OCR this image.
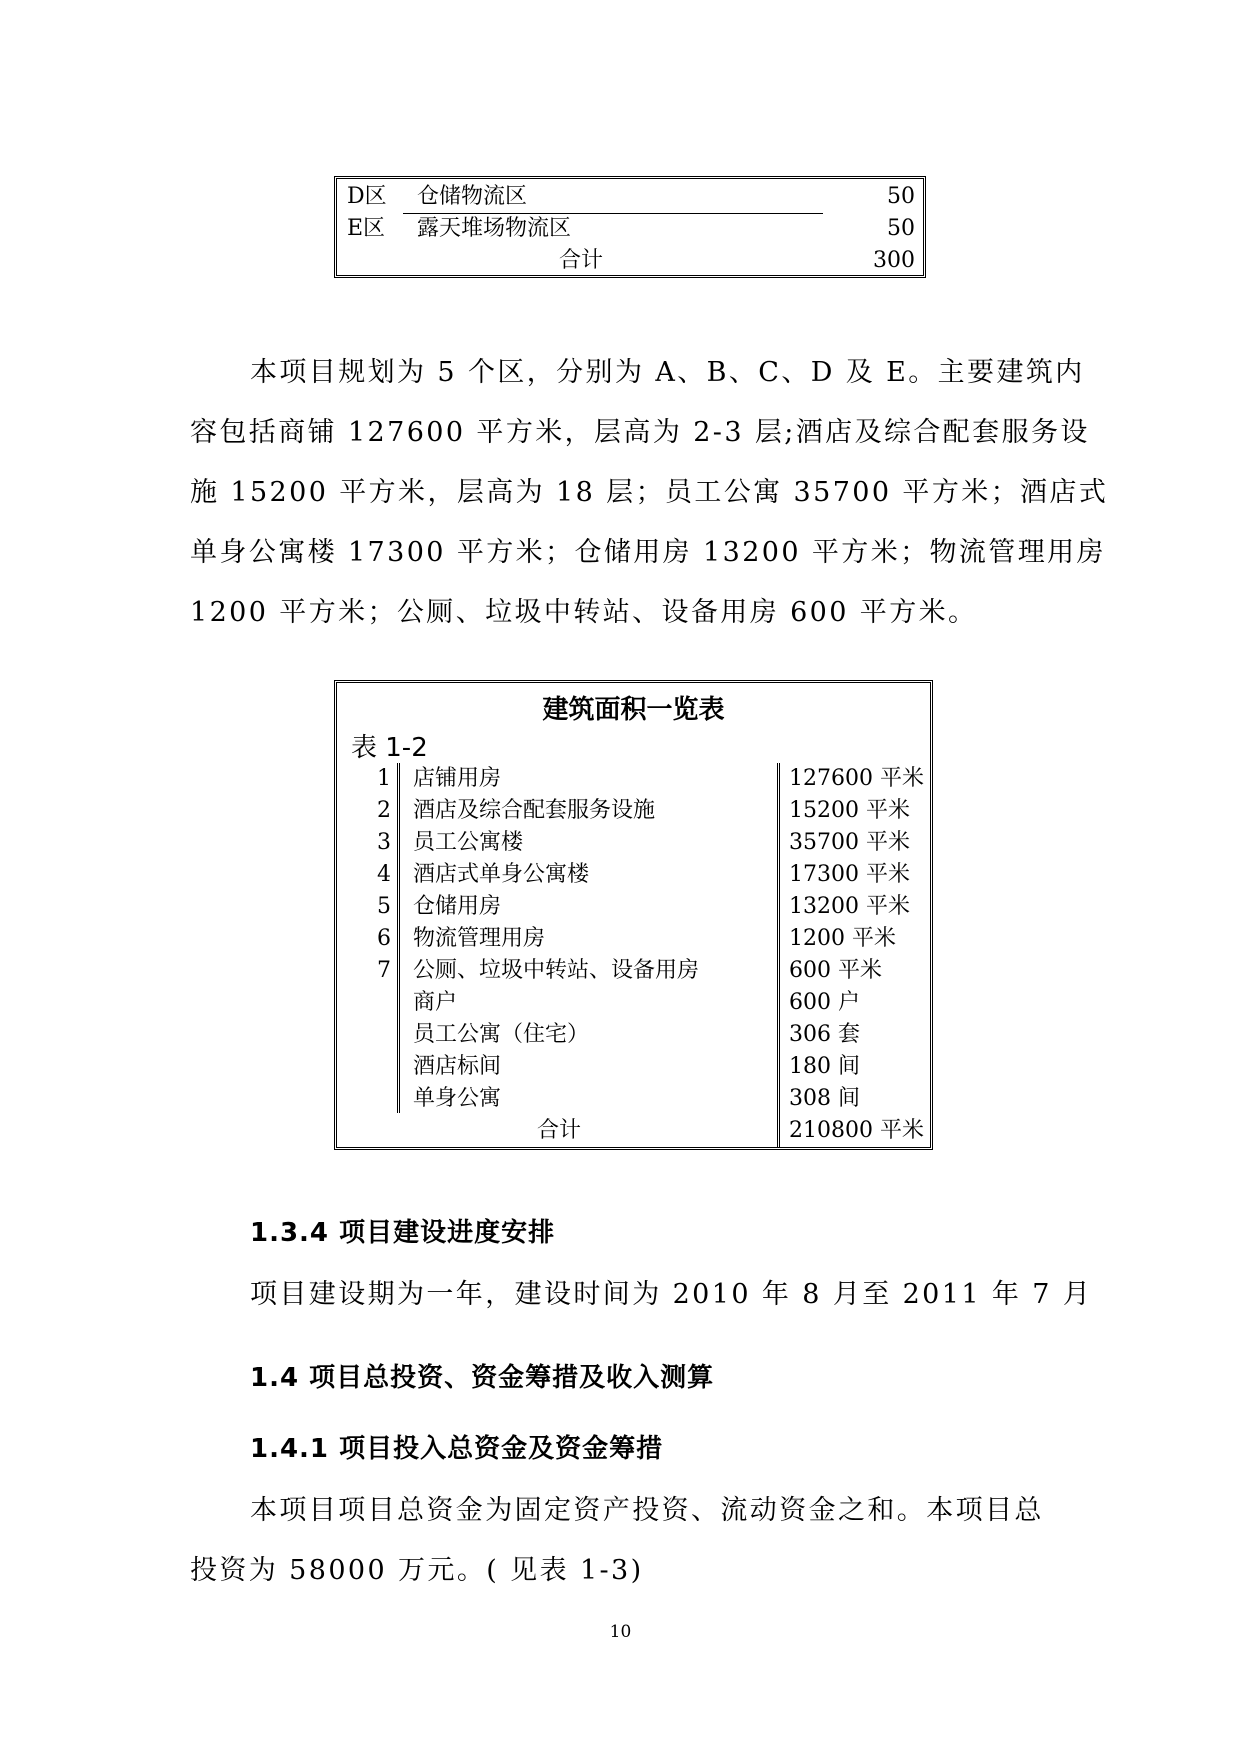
D区 仓储物流区	50
E区 露天堆场物流区	50
合计	300
本项目规划为 5 个区，分别为 A、B、C、D 及 E。主要建筑内
容包括商铺 127600 平方米，层高为 2-3 层;酒店及综合配套服务设
施 15200 平方米，层高为 18 层；员工公寓 35700 平方米；酒店式
单身公寓楼 17300 平方米；仓储用房 13200 平方米；物流管理用房
1200 平方米；公厕、垃圾中转站、设备用房 600 平方米。
建筑面积一览表
表 1-2
1 店铺用房	127600 平米
2 酒店及综合配套服务设施	15200 平米
3 员工公寓楼	35700 平米
4 酒店式单身公寓楼	17300 平米
5 仓储用房	13200 平米
6 物流管理用房	1200 平米
7 公厕、垃圾中转站、设备用房	600 平米
商户	600 户
员工公寓（住宅）	306 套
酒店标间	180 间
单身公寓	308 间
合计	210800 平米
1.3.4 项目建设进度安排
项目建设期为一年，建设时间为 2010 年 8 月至 2011 年 7 月
1.4 项目总投资、资金筹措及收入测算
1.4.1 项目投入总资金及资金筹措
本项目项目总资金为固定资产投资、流动资金之和。本项目总
投资为 58000 万元。( 见表 1-3)
10
